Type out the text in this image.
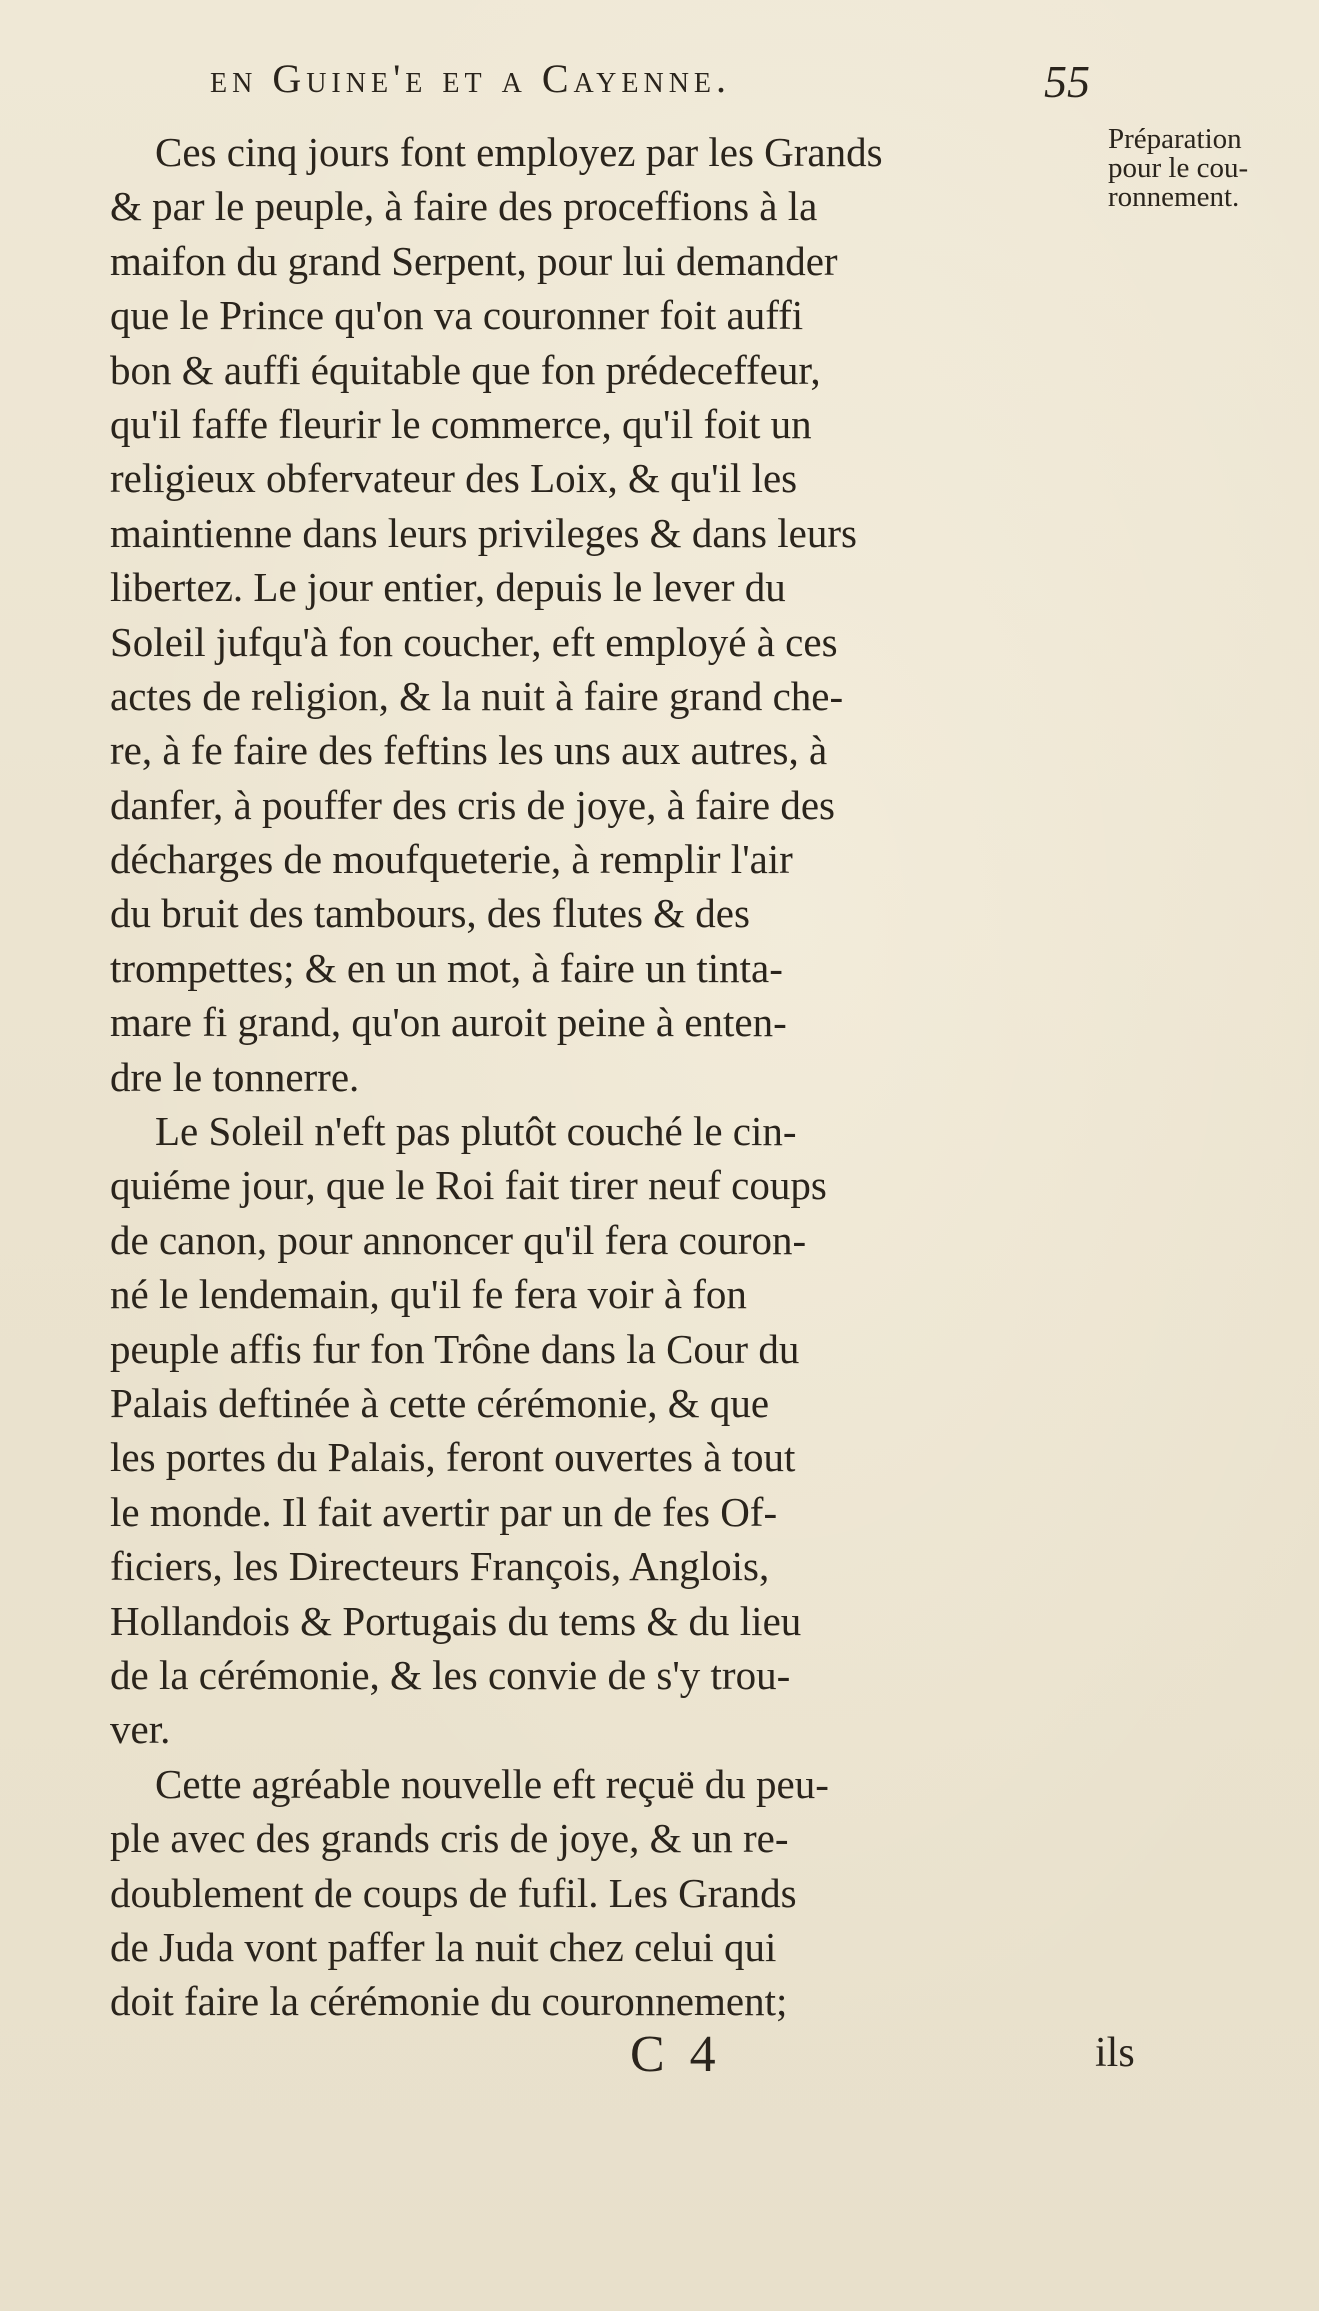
en Guine'e et a Cayenne.	55
Préparation
pour le cou-
ronnement.
Ces cinq jours font employez par les Grands
& par le peuple, à faire des proceffions à la
maifon du grand Serpent, pour lui demander
que le Prince qu'on va couronner foit auffi
bon & auffi équitable que fon prédeceffeur,
qu'il faffe fleurir le commerce, qu'il foit un
religieux obfervateur des Loix, & qu'il les
maintienne dans leurs privileges & dans leurs
libertez. Le jour entier, depuis le lever du
Soleil jufqu'à fon coucher, eft employé à ces
actes de religion, & la nuit à faire grand che-
re, à fe faire des feftins les uns aux autres, à
danfer, à pouffer des cris de joye, à faire des
décharges de moufqueterie, à remplir l'air
du bruit des tambours, des flutes & des
trompettes; & en un mot, à faire un tinta-
mare fi grand, qu'on auroit peine à enten-
dre le tonnerre.
Le Soleil n'eft pas plutôt couché le cin-
quiéme jour, que le Roi fait tirer neuf coups
de canon, pour annoncer qu'il fera couron-
né le lendemain, qu'il fe fera voir à fon
peuple affis fur fon Trône dans la Cour du
Palais deftinée à cette cérémonie, & que
les portes du Palais, feront ouvertes à tout
le monde. Il fait avertir par un de fes Of-
ficiers, les Directeurs François, Anglois,
Hollandois & Portugais du tems & du lieu
de la cérémonie, & les convie de s'y trou-
ver.
Cette agréable nouvelle eft reçuë du peu-
ple avec des grands cris de joye, & un re-
doublement de coups de fufil. Les Grands
de Juda vont paffer la nuit chez celui qui
doit faire la cérémonie du couronnement;
C 4	ils
